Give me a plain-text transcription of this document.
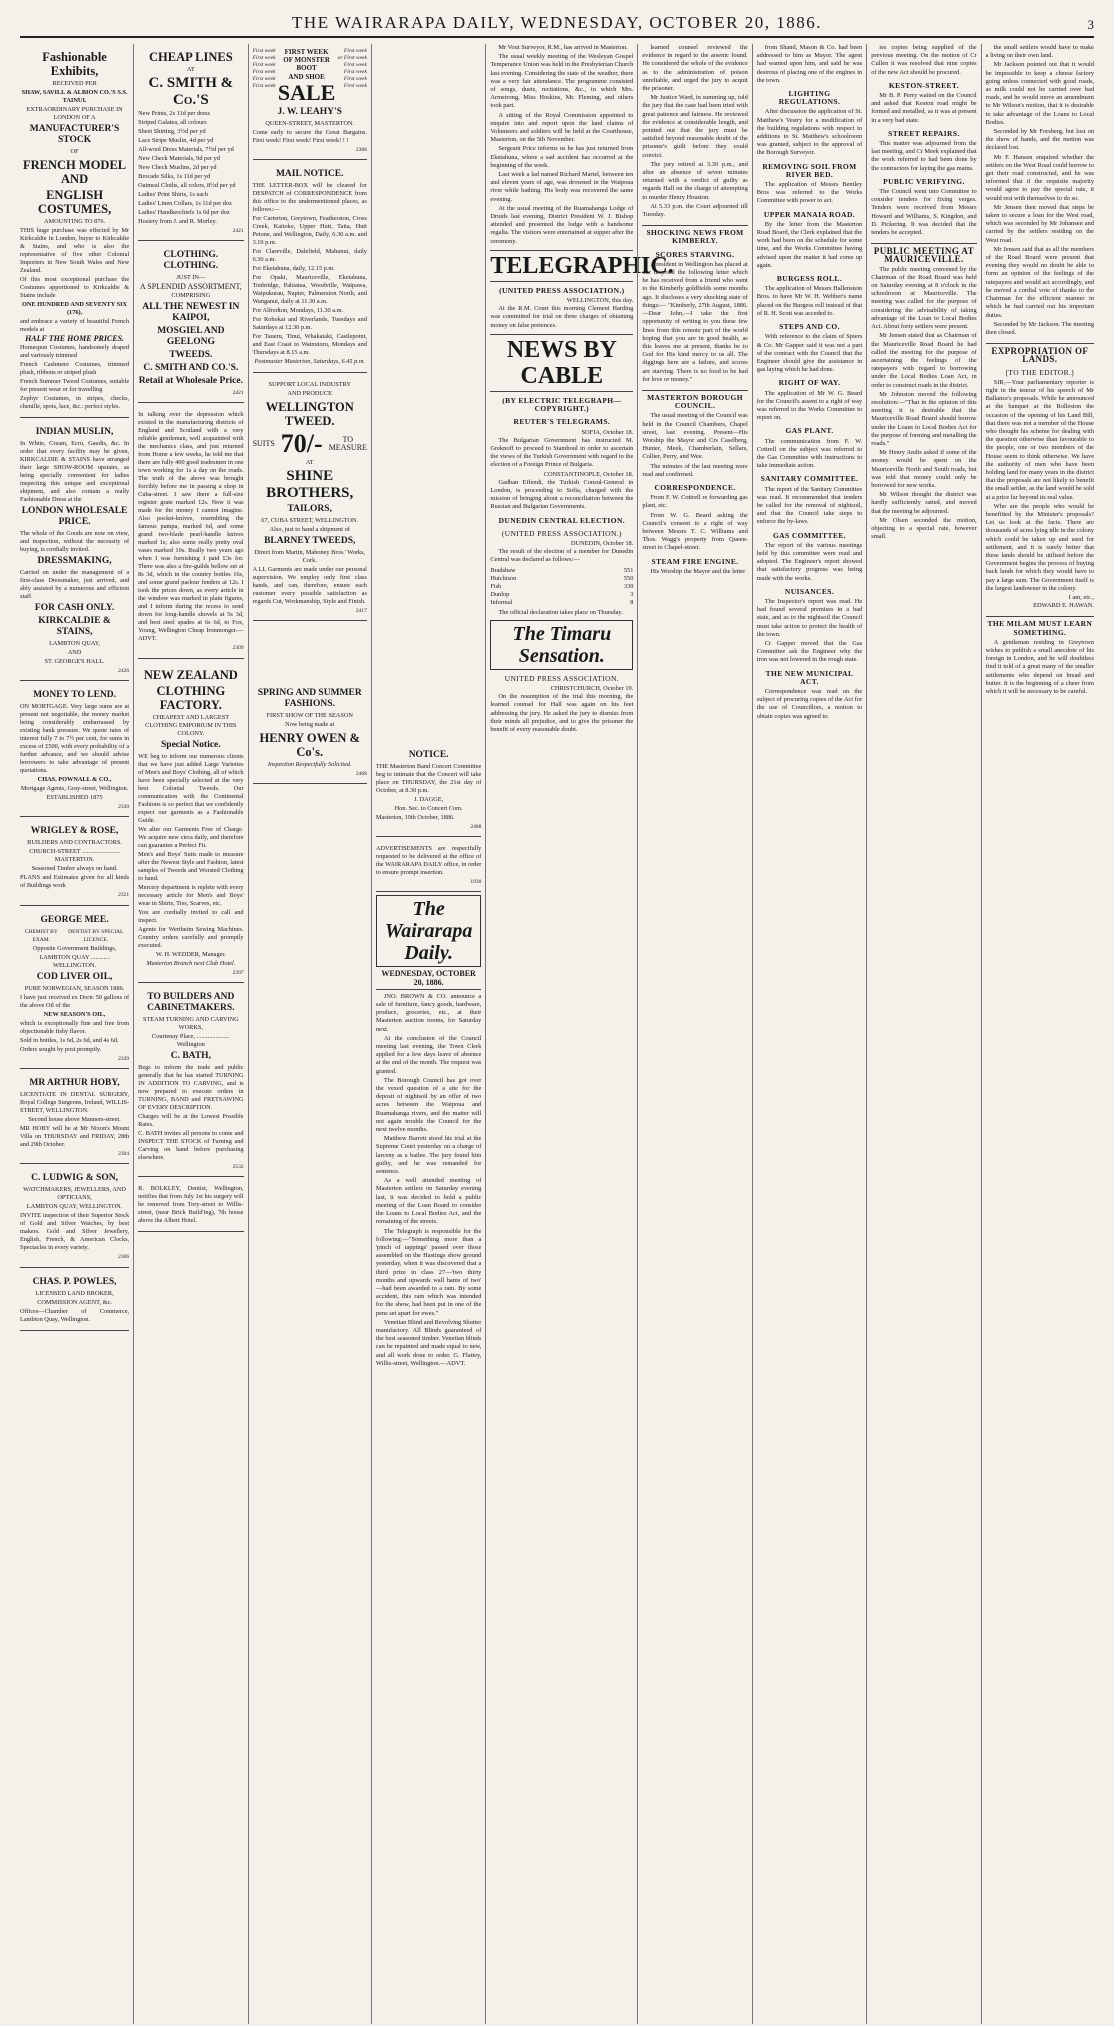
THE WAIRARAPA DAILY, WEDNESDAY, OCTOBER 20, 1886.	3
Fashionable Exhibits,

RECEIVED PER

SHAW, SAVILL & ALBION CO.'S S.S. TAINUI.

EXTRAORDINARY PURCHASE IN LONDON OF A

MANUFACTURER'S STOCK

OF

FRENCH MODEL AND
ENGLISH COSTUMES,

AMOUNTING TO 876.

THIS huge purchase was effected by Mr Kirkcaldie in London, buyer to Kirkcaldie & Stains, and who is also the representative of five other Colonial Importers in New South Wales and New Zealand.

Of this most exceptional purchase the Costumes apportioned to Kirkcaldie & Stains include

ONE HUNDRED AND SEVENTY SIX (176),

and embrace a variety of beautiful French models at

HALF THE HOME PRICES.

Homespun Costumes, handsomely draped and variously trimmed

French Cashmere Costumes, trimmed plush, ribbons or striped plush

French Summer Tweed Costumes, suitable for present wear or for travelling

Zephyr Costumes, in stripes, checks, chenille, spots, lace, &c.: perfect styles.

INDIAN MUSLIN,

In White, Cream, Ecru, Gaudis, &c. In order that every facility may be given, KIRKCALDIE & STAINS have arranged their large SHOW-ROOM upstairs, as being specially convenient for ladies inspecting this unique and exceptional shipment, and also contain a really Fashionable Dress at the

LONDON WHOLESALE PRICE.

The whole of the Goods are now on view, and inspection, without the necessity of buying, is cordially invited.

DRESSMAKING,

Carried on under the management of a first-class Dressmaker, just arrived, and ably assisted by a numerous and efficient staff.

FOR CASH ONLY.
KIRKCALDIE & STAINS,

LAMBTON QUAY,

AND

ST. GEORGE'S HALL.

2426
MONEY TO LEND.

ON MORTGAGE. Very large sums are at present not negotiable, the money market being considerably embarrassed by existing bank pressure. We quote rates of interest fully 7 to 7½ per cent, for sums in excess of £500, with every probability of a further advance, and we should advise borrowers to take advantage of present quotations.

CHAS. POWNALL & CO.,

Mortgage Agents, Gray-street, Wellington.

ESTABLISHED 1875

2330
WRIGLEY & ROSE,

BUILDERS AND CONTRACTORS.

CHURCH-STREET ........................ MASTERTON.

Seasoned Timber always on hand.

PLANS and Estimates given for all kinds of Buildings work

2321
GEORGE MEE.
CHEMIST BY EXAM.
DENTIST BY SPECIAL LICENCE.

Opposite Government Buildings,

LAMBTON QUAY ............ WELLINGTON.

COD LIVER OIL,

PURE NORWEGIAN, SEASON 1886.

I have just received ex Doric 50 gallons of the above Oil of the

NEW SEASON'S OIL,

which is exceptionally fine and free from objectionable fishy flavor.

Sold in bottles, 1s 6d, 2s 6d, and 4s 6d.

Orders sought by post promptly.

2339
MR ARTHUR HOBY,

LICENTIATE IN DENTAL SURGERY, Royal College Surgeons, Ireland, WILLIS-STREET, WELLINGTON.

Second house above Manners-street.

MR HOBY will be at Mr Nixon's Mount Villa on THURSDAY and FRIDAY, 28th and 29th October.

2304
C. LUDWIG & SON,

WATCHMAKERS, JEWELLERS, AND OPTICIANS,

LAMBTON QUAY, WELLINGTON.

INVITE inspection of their Superior Stock of Gold and Silver Watches, by best makers. Gold and Silver Jewellery, English, French, & American Clocks, Spectacles in every variety.

2306
CHAS. P. POWLES,

LICENSED LAND BROKER,

COMMISSION AGENT, &c.

Offices—Chamber of Commerce, Lambton Quay, Wellington.

CHEAP LINES

AT

C. SMITH & Co.'S

New Prints, 2s 11d per dress

Striped Galatea, all colours

Sheet Shirting, 3½d per yd

Lace Stripe Muslin, 4d per yd

All-wool Dress Materials, 7½d per yd

New Check Materials, 9d per yd

New Check Muslins, 2d per yd

Brocade Silks, 1s 11d per yd

Oatmeal Cloths, all colors, 8½d per yd

Ladies' Print Shirts, 1s each

Ladies' Linen Collars, 1s 11d per doz

Ladies' Handkerchiefs 1s 6d per doz

Hosiery from J. and R. Morley.

2421
CLOTHING. CLOTHING.

JUST IN—

A SPLENDID ASSORTMENT,

COMPRISING

ALL THE NEWEST IN KAIPOI,
MOSGIEL AND GEELONG
TWEEDS.
C. SMITH AND CO.'S.
Retail at Wholesale Price.
2421

In talking over the depression which existed in the manufacturing districts of England and Scotland with a very reliable gentleman, well acquainted with the mechanics class, and just returned from Home a few weeks, he told me that there are fully 400 good tradesmen in one town working for 1s a day on the roads. The truth of the above was brought forcibly before me in passing a shop in Cuba-street. I saw there a full-size register grate marked 12s. Now it was made for the money I cannot imagine. Also pocket-knives, resembling the famous pampa, marked 6d, and some grand two-blade pearl-handle knives marked 1s; also some really pretty oval vases marked 10s. Really two years ago when I was furnishing I paid £3s for. There was also a fire-guilds bellow set at 8s 3d, which in the country bottles 16s, and some grand parlour fenders at 12s. I took the prices down, as every article in the window was marked in plain figures, and I inform during the recess to send down for long-handle shovels at 5s 3d, and best steel spades at 6s 6d, to Fox, Young, Wellington Cheap Ironmonger.—ADVT.

2309
NEW ZEALAND
CLOTHING FACTORY.

CHEAPEST AND LARGEST CLOTHING EMPORIUM IN THIS COLONY.

Special Notice.

WE beg to inform our numerous clients that we have just added Large Varieties of Men's and Boys' Clothing, all of which have been specially selected at the very best Colonial Tweeds. Our communication with the Continental Fashions is so perfect that we confidently expect our garments as a Fashionable Guide.

We alter our Garments Free of Charge. We acquire new circa daily, and therefore can guarantee a Perfect Fit.

Men's and Boys' Suits made to measure after the Newest Style and Fashion, latest samples of Tweeds and Worsted Clothing to hand.

Mercery department is replete with every necessary article for Men's and Boys' wear in Shirts, Ties, Scarves, etc.

You are cordially invited to call and inspect.

Agents for Wertheim Sewing Machines. Country orders carefully and promptly executed.

W. H. WEDDER, Manager.

Masterton Branch next Club Hotel.

2397
TO BUILDERS AND CABINETMAKERS.

STEAM TURNING AND CARVING WORKS,

Courtenay Place, ..................... Wellington

C. BATH,

Begs to inform the trade and public generally that he has started TURNING IN ADDITION TO CARVING, and is now prepared to execute orders in TURNING, BAND and FRETSAWING OF EVERY DESCRIPTION.

Charges will be at the Lowest Possible Rates.

C. BATH invites all persons to come and INSPECT THE STOCK of Turning and Carving on hand before purchasing elsewhere.

2532

R. BOLKLEY, Dentist, Wellington, notifies that from July 1st his surgery will be removed from Tory-street to Willis-street, (near Brick Build'ing), 7th house above the Albert Hotel.

First week
First week
First week
First week
First week
First week
FIRST WEEK
OF MONSTER BOOT
AND SHOE
SALE
First week
or First week
First week
First week
First week
First week
J. W. LEAHY'S

QUEEN-STREET, MASTERTON.

Come early to secure the Great Bargains. First week! First week! First week! ! !

2388
MAIL NOTICE.

THE LETTER-BOX will be cleared for DESPATCH of CORRESPONDENCE from this office to the undermentioned places, as follows:—

For Carterton, Greytown, Featherston, Cross Creek, Kaitoke, Upper Hutt, Taita, Hutt Petone, and Wellington, Daily, 6.30 a.m. and 3.10 p.m.

For Clareville, Dalefield, Mahunui, daily 6.30 a.m.

For Eketahuna, daily, 12.15 p.m.

For Opaki, Mauriceville, Eketahuna, Tonbridge, Pahiatua, Woodville, Waipawa, Waipukurau, Napier, Palmerston North, and Wanganui, daily at 11.30 a.m.

For Alfredton, Mondays, 11.30 a.m.

For Rohokai and Riverlands, Tuesdays and Saturdays at 12.30 p.m.

For Taueru, Tinui, Whakataki, Castlepoint, and East Coast to Wainuioru, Mondays and Thursdays at 8.15 a.m.

Postmaster Masterton, Saturdays, 6.45 p.m.

SUPPORT LOCAL INDUSTRY

AND PRODUCE

WELLINGTON TWEED.
SUITS 70/-	TO MEASURE

AT

SHINE BROTHERS,
TAILORS,

67, CUBA STREET, WELLINGTON.

Also, just to hand a shipment of

BLARNEY TWEEDS,

Direct from Martin, Mahoney Bros.' Works, Cork.

A LL Garments are made under our personal supervision. We employ only first class hands, and can, therefore, ensure each customer every possible satisfaction as regards Cut, Workmanship, Style and Finish.

2417
SPRING AND SUMMER FASHIONS.

FIRST SHOW OF THE SEASON

Now being made at

HENRY OWEN & Co's.

Inspection Respectfully Solicited.

2468
NOTICE.

THE Masterton Band Concert Committee beg to intimate that the Concert will take place on THURSDAY, the 21st day of October, at 8.30 p.m.

J. DAGGE,

Hon. Sec. to Concert Com.

Masterton, 19th October, 1886.

2488

ADVERTISEMENTS are respectfully requested to be delivered at the office of the WAIRARAPA DAILY office, in order to ensure prompt insertion.

1930
The Wairarapa Daily.
WEDNESDAY, OCTOBER 20, 1886.

JNO. BROWN & CO. announce a sale of furniture, fancy goods, hardware, produce, groceries, etc., at their Masterton auction rooms, for Saturday next.

At the conclusion of the Council meeting last evening, the Town Clerk applied for a few days leave of absence at the end of the month. The request was granted.

The Borough Council has got over the vexed question of a site for the deposit of nightsoil by an offer of two acres between the Waipoua and Ruamahanga rivers, and the matter will not again trouble the Council for the next twelve months.

Matthew Barrett stood his trial at the Supreme Court yesterday on a charge of larceny as a bailee. The jury found him guilty, and he was remanded for sentence.

As a well attended meeting of Masterton settlers on Saturday evening last, it was decided to hold a public meeting of the Loan Board to consider the Loans to Local Bodies Act, and the remaining of the streets.

The Telegraph is responsible for the following:—"Something more than a 'pinch of tappings' passed over those assembled on the Hastings show ground yesterday, when it was discovered that a third prize in class 27—'two thirty months and upwards wall hams of two' —had been awarded to a ram. By some accident, this ram which was intended for the show, had been put in one of the pens set apart for ewes."

Venetian Blind and Revolving Shutter manufactory. All Blinds guaranteed of the best seasoned timber. Venetian blinds can be repainted and made equal to new, and all work done to order. G. Flattey, Willis-street, Wellington.—ADVT.

Mr Vout Surveyor, R.M., has arrived in Masterton.

The usual weekly meeting of the Wesleyan Gospel Temperance Union was held in the Presbyterian Church last evening. Considering the state of the weather, there was a very fair attendance. The programme consisted of songs, duets, recitations, &c., in which Mrs. Armstrong, Miss Hoskins, Mr. Fleming, and others took part.

A sitting of the Royal Commission appointed to enquire into and report upon the land claims of Volunteers and soldiers will be held at the Courthouse, Masterton, on the 5th November.

Sergeant Price informs us he has just returned from Eketahuna, where a sad accident has occurred at the beginning of the week.

Last week a lad named Richard Martel, between ten and eleven years of age, was drowned in the Waipoua river while bathing. His body was recovered the same evening.

At the usual meeting of the Ruamahanga Lodge of Druids last evening, District President W. J. Bishop attended and presented the lodge with a handsome regalia. The visitors were entertained at supper after the ceremony.

TELEGRAPHIC.
(UNITED PRESS ASSOCIATION.)

WELLINGTON, this day.

At the R.M. Court this morning Clement Harding was committed for trial on three charges of obtaining money on false pretences.

NEWS BY CABLE
(BY ELECTRIC TELEGRAPH—COPYRIGHT.)
REUTER'S TELEGRAMS.

SOFIA, October 18.

The Bulgarian Government has instructed M. Greknoff to proceed to Stamboul in order to ascertain the views of the Turkish Government with regard to the election of a Foreign Prince of Bulgaria.

CONSTANTINOPLE, October 18.

Gadban Effendi, the Turkish Consul-General in London, is proceeding to Sofia, charged with the mission of bringing about a reconciliation between the Russian and Bulgarian Governments.

DUNEDIN CENTRAL ELECTION.
(UNITED PRESS ASSOCIATION.)

DUNEDIN, October 18.

The result of the election of a member for Dunedin Central was declared as follows:—

Bradshaw	551
Hutchison	550
Fish	339
Dunlop	3
Informal	8

The official declaration takes place on Thursday.

The Timaru Sensation.
UNITED PRESS ASSOCIATION.

CHRISTCHURCH, October 19.

On the resumption of the trial this morning, the learned counsel for Hall was again on his feet addressing the jury. He asked the jury to dismiss from their minds all prejudice, and to give the prisoner the benefit of every reasonable doubt.

learned counsel reviewed the evidence in regard to the arsenic found. He considered the whole of the evidence as to the administration of poison unreliable, and urged the jury to acquit the prisoner.

Mr Justice Ward, in summing up, told the jury that the case had been tried with great patience and fairness. He reviewed the evidence at considerable length, and pointed out that the jury must be satisfied beyond reasonable doubt of the prisoner's guilt before they could convict.

The jury retired at 3.30 p.m., and after an absence of seven minutes returned with a verdict of guilty as regards Hall on the charge of attempting to murder Henry Houston.

At 5.33 p.m. the Court adjourned till Tuesday.

SHOCKING NEWS FROM KIMBERLY.
SCORES STARVING.

A resident in Wellington has placed at our disposal the following letter which he has received from a friend who went to the Kimberly goldfields some months ago. It discloses a very shocking state of things:— "Kimberly, 27th August, 1886.—Dear John,—I take the first opportunity of writing to you these few lines from this remote part of the world hoping that you are in good health, as this leaves me at present, thanks be to God for His kind mercy to us all. The diggings here are a failure, and scores are starving. There is no food to be had for love or money."

MASTERTON BOROUGH COUNCIL.

The usual meeting of the Council was held in the Council Chambers, Chapel street, last evening. Present—His Worship the Mayor and Crs Caselberg, Hunter, Meek, Chamberlain, Sellars, Collier, Perry, and Wee.

The minutes of the last meeting were read and confirmed.

CORRESPONDENCE.

From F. W. Cottrell re forwarding gas plant, etc.

From W. G. Beard asking the Council's consent to a right of way between Messrs T. C. Williams and Thos. Wagg's property from Queen-street to Chapel-street.

STEAM FIRE ENGINE.

His Worship the Mayor and the letter

from Shand, Mason & Co. had been addressed to him as Mayor. The agent had wanted upon him, and said he was desirous of placing one of the engines in the town.

LIGHTING REGULATIONS.

After discussion the application of St. Matthew's Vestry for a modification of the building regulations with respect to additions to St. Matthew's schoolroom was granted, subject to the approval of the Borough Surveyor.

REMOVING SOIL FROM RIVER BED.

The application of Messrs Bentley Bros was referred to the Works Committee with power to act.

UPPER MANAIA ROAD.

By the letter from the Masterton Road Board, the Clerk explained that the work had been on the schedule for some time, and the Works Committee having advised upon the matter it had come up again.

BURGESS ROLL.

The application of Messrs Hallenstein Bros. to have Mr W. H. Webber's name placed on the Burgess roll instead of that of R. H. Scott was acceded to.

STEPS AND CO.

With reference to the claim of Spiers & Co. Mr Gapper said it was not a part of the contract with the Council that the Engineer should give the assistance in gas laying which he had done.

RIGHT OF WAY.

The application of Mr W. G. Beard for the Council's assent to a right of way was referred to the Works Committee to report on.

GAS PLANT.

The communication from F. W. Cottrell on the subject was referred to the Gas Committee with instructions to take immediate action.

SANITARY COMMITTEE.

The report of the Sanitary Committee was read. It recommended that tenders be called for the removal of nightsoil, and that the Council take steps to enforce the by-laws.

GAS COMMITTEE.

The report of the various meetings held by this committee were read and adopted. The Engineer's report showed that satisfactory progress was being made with the works.

NUISANCES.

The Inspector's report was read. He had found several premises in a bad state, and as to the nightsoil the Council must take action to protect the health of the town.

Cr Gapper moved that the Gas Committee ask the Engineer why the iron was not lowered in the rough state.

THE NEW MUNICIPAL ACT.

Correspondence was read on the subject of procuring copies of the Act for the use of Councillors, a motion to obtain copies was agreed to.

ies copies being supplied of the previous meeting. On the motion of Cr Cullen it was resolved that nine copies of the new Act should be procured.

KESTON-STREET.

Mr B. P. Perry waited on the Council and asked that Keston road might be formed and metalled, as it was at present in a very bad state.

STREET REPAIRS.

This matter was adjourned from the last meeting, and Cr Meek explained that the work referred to had been done by the contractors for laying the gas mains.

PUBLIC VERIFYING.

The Council went into Committee to consider tenders for fixing verges. Tenders were received from Messrs Howard and Williams, S. Kingdon, and D. Pickering. It was decided that the tenders be accepted.

PUBLIC MEETING AT MAURICEVILLE.

The public meeting convened by the Chairman of the Road Board was held on Saturday evening at 8 o'clock in the schoolroom at Mauriceville. The meeting was called for the purpose of considering the advisability of taking advantage of the Loan to Local Bodies Act. About forty settlers were present.

Mr Jensen stated that as Chairman of the Mauriceville Road Board he had called the meeting for the purpose of ascertaining the feelings of the ratepayers with regard to borrowing under the Local Bodies Loan Act, in order to construct roads in the district.

Mr Johnston moved the following resolution:—"That in the opinion of this meeting it is desirable that the Mauriceville Road Board should borrow under the Loans to Local Bodies Act for the purpose of forming and metalling the roads."

Mr Henry Andis asked if some of the money would be spent on the Mauriceville North and South roads, but was told that money could only be borrowed for new works.

Mr Wilson thought the district was hardly sufficiently ratted, and moved that the meeting be adjourned.

Mr Olsen seconded the motion, objecting to a special rate, however small.

the small settlers would have to make a living on their own land.

Mr Jackson pointed out that it would be impossible to keep a cheese factory going unless connected with good roads, as milk could not be carried over bad roads, and he would move an amendment to Mr Wilson's motion, that it is desirable to take advantage of the Loans to Local Bodies.

Seconded by Mr Forsberg, but lost on the show of hands, and the motion was declared lost.

Mr F. Hansen enquired whether the settlers on the West Road could borrow to get their road constructed, and he was informed that if the requisite majority would agree to pay the special rate, it would rest with themselves to do so.

Mr Jensen then moved that steps be taken to secure a loan for the West road, which was seconded by Mr Johansen and carried by the settlers residing on the West road.

Mr Jensen said that as all the members of the Road Board were present that evening they would no doubt be able to form an opinion of the feelings of the ratepayers and would act accordingly, and he moved a cordial vote of thanks to the Chairman for the efficient manner in which he had carried out his important duties.

Seconded by Mr Jackson. The meeting then closed.

EXPROPRIATION OF LANDS.
[TO THE EDITOR.]

SIR,—Your parliamentary reporter is right in the tenour of his speech of Mr Ballance's proposals. While he announced at the banquet at the Rolleston the occasion of the opening of his Land Bill, that there was not a member of the House who thought his scheme for dealing with the question otherwise than favourable to the people, one or two members of the House seem to think otherwise. We have the authority of men who have been holding land for many years in the district that the proposals are not likely to benefit the small settler, as the land would be sold at a price far beyond its real value.

Who are the people who would be benefitted by the Minister's proposals? Let us look at the facts. There are thousands of acres lying idle in the colony which could be taken up and used for settlement, and it is surely better that these lands should be utilised before the Government begins the process of buying back lands for which they would have to pay a large sum. The Government itself is the largest landowner in the colony.

I am, etc.,

EDWARD E. HAWAN.

THE MILAM MUST LEARN SOMETHING.

A gentleman residing in Greytown wishes to publish a small anecdote of his foreign in London, and he will doubtless find it told of a great many of the smaller settlements who depend on bread and butter. It is the beginning of a cheer from which it will be necessary to be careful.
